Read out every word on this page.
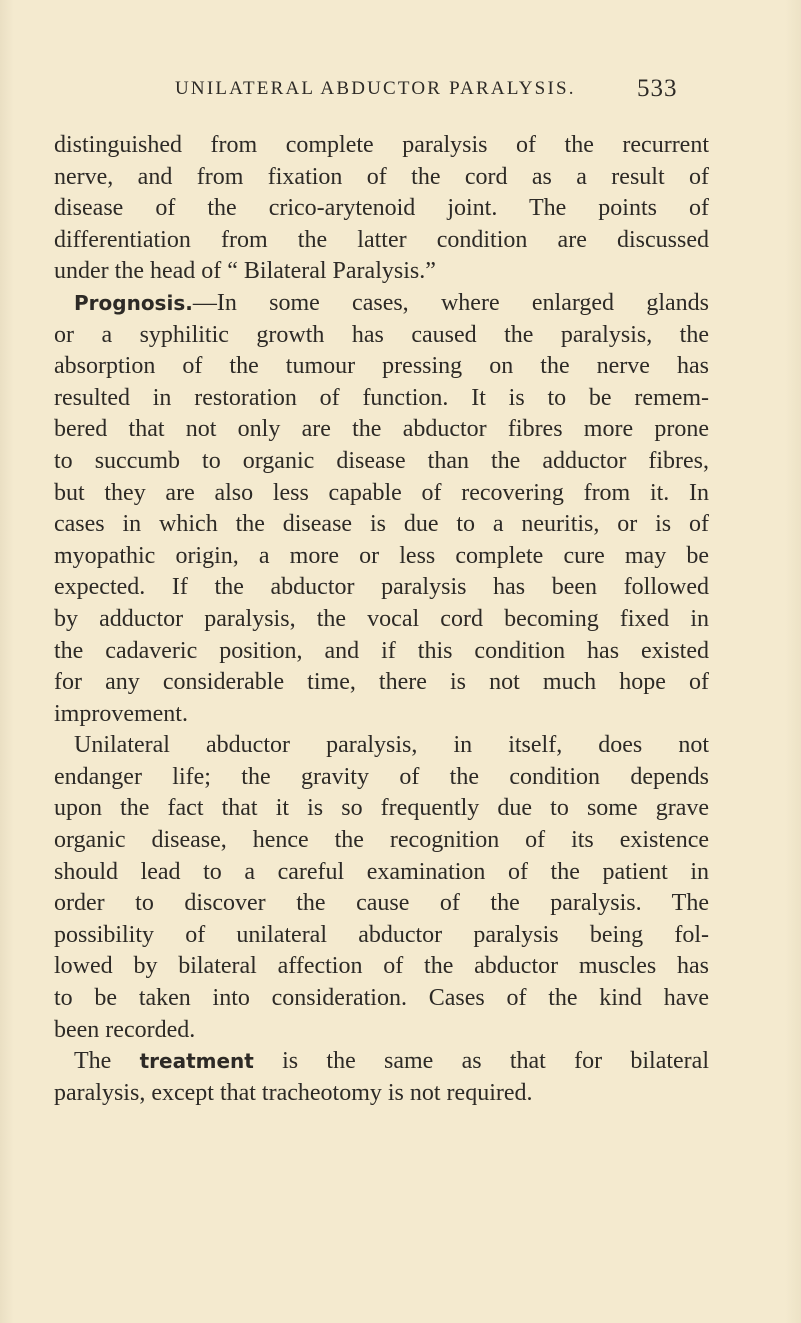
UNILATERAL ABDUCTOR PARALYSIS. 533
distinguished from complete paralysis of the recurrent
nerve, and from fixation of the cord as a result of
disease of the crico-arytenoid joint. The points of
differentiation from the latter condition are discussed
under the head of “ Bilateral Paralysis.”
Prognosis.—In some cases, where enlarged glands
or a syphilitic growth has caused the paralysis, the
absorption of the tumour pressing on the nerve has
resulted in restoration of function. It is to be remem-
bered that not only are the abductor fibres more prone
to succumb to organic disease than the adductor fibres,
but they are also less capable of recovering from it. In
cases in which the disease is due to a neuritis, or is of
myopathic origin, a more or less complete cure may be
expected. If the abductor paralysis has been followed
by adductor paralysis, the vocal cord becoming fixed in
the cadaveric position, and if this condition has existed
for any considerable time, there is not much hope of
improvement.
Unilateral abductor paralysis, in itself, does not
endanger life; the gravity of the condition depends
upon the fact that it is so frequently due to some grave
organic disease, hence the recognition of its existence
should lead to a careful examination of the patient in
order to discover the cause of the paralysis. The
possibility of unilateral abductor paralysis being fol-
lowed by bilateral affection of the abductor muscles has
to be taken into consideration. Cases of the kind have
been recorded.
The treatment is the same as that for bilateral
paralysis, except that tracheotomy is not required.
